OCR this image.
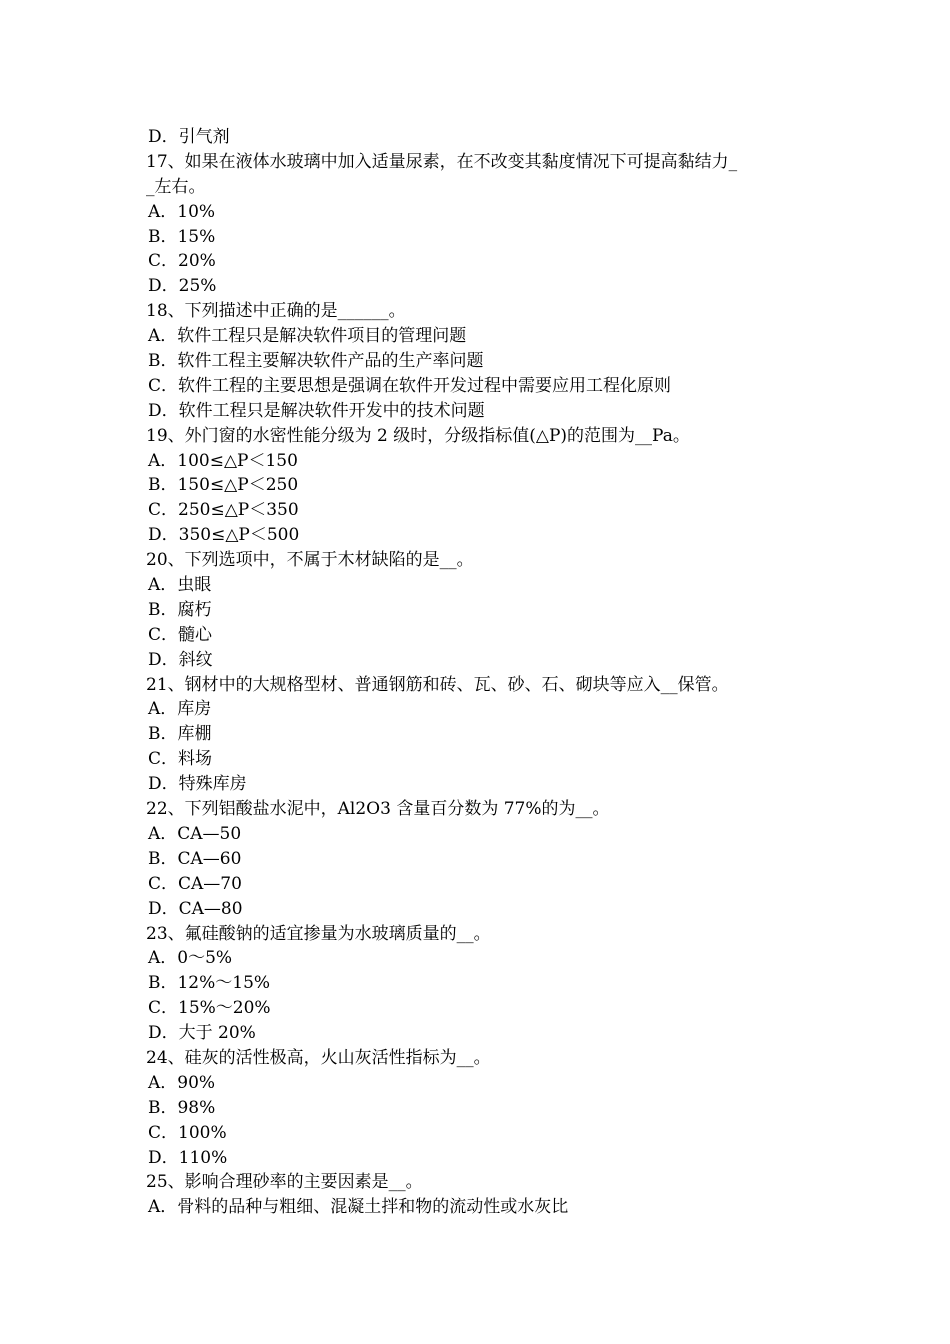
D．引气剂
17、如果在液体水玻璃中加入适量尿素，在不改变其黏度情况下可提高黏结力_
_左右。
A．10%
B．15%
C．20%
D．25%
18、下列描述中正确的是______。
A．软件工程只是解决软件项目的管理问题
B．软件工程主要解决软件产品的生产率问题
C．软件工程的主要思想是强调在软件开发过程中需要应用工程化原则
D．软件工程只是解决软件开发中的技术问题
19、外门窗的水密性能分级为 2 级时，分级指标值(△P)的范围为__Pa。
A．100≤△P＜150
B．150≤△P＜250
C．250≤△P＜350
D．350≤△P＜500
20、下列选项中，不属于木材缺陷的是__。
A．虫眼
B．腐朽
C．髓心
D．斜纹
21、钢材中的大规格型材、普通钢筋和砖、瓦、砂、石、砌块等应入__保管。
A．库房
B．库棚
C．料场
D．特殊库房
22、下列铝酸盐水泥中，Al2O3 含量百分数为 77%的为__。
A．CA—50
B．CA—60
C．CA—70
D．CA—80
23、氟硅酸钠的适宜掺量为水玻璃质量的__。
A．0～5%
B．12%～15%
C．15%～20%
D．大于 20%
24、硅灰的活性极高，火山灰活性指标为__。
A．90%
B．98%
C．100%
D．110%
25、影响合理砂率的主要因素是__。
A．骨料的品种与粗细、混凝土拌和物的流动性或水灰比
